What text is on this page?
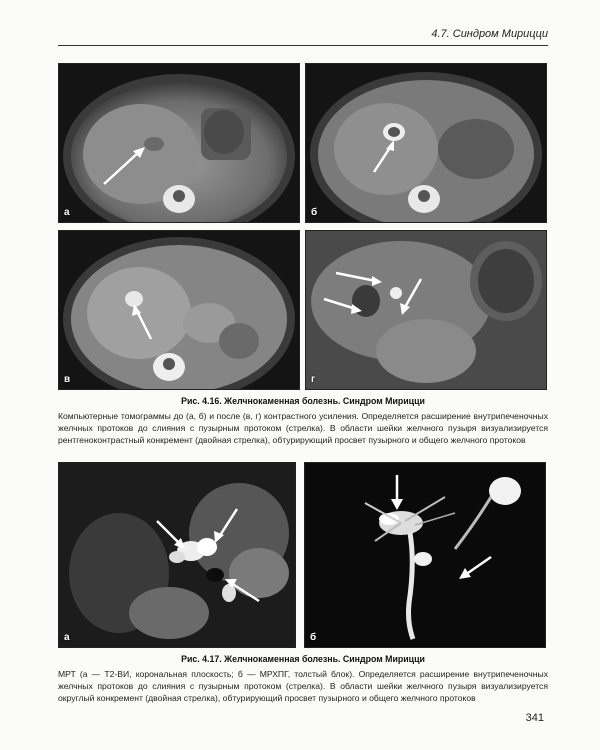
4.7. Синдром Мирицци
а	б
в	г
Рис. 4.16. Желчнокаменная болезнь. Синдром Мирицци
Компьютерные томограммы до (а, б) и после (в, г) контрастного усиления. Определяется расширение внутрипеченочных желчных протоков до слияния с пузырным протоком (стрелка). В области шейки желчного пузыря визуализируется рентгеноконтрастный конкремент (двойная стрелка), обтурирующий просвет пузырного и общего желчного протоков
а	б
Рис. 4.17. Желчнокаменная болезнь. Синдром Мирицци
МРТ (а — Т2-ВИ, корональная плоскость; б — МРХПГ, толстый блок). Определяется расширение внутрипеченочных желчных протоков до слияния с пузырным протоком (стрелка). В области шейки желчного пузыря визуализируется округлый конкремент (двойная стрелка), обтурирующий просвет пузырного и общего желчного протоков
341
